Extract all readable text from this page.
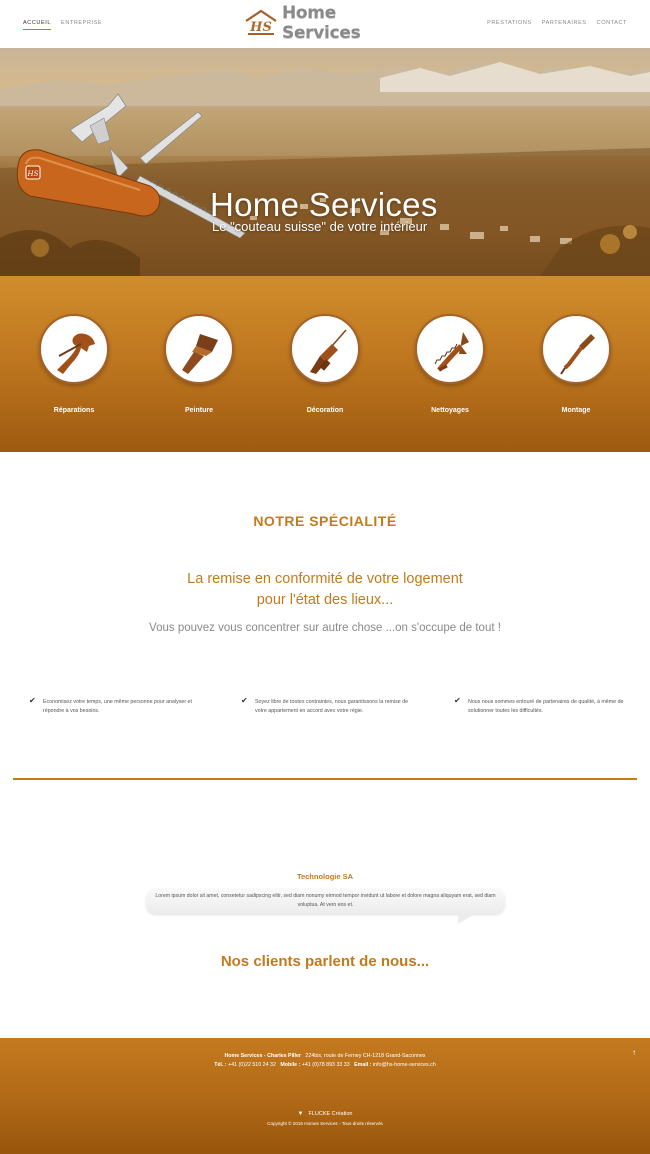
ACCUEIL ENTREPRISE	HS
Home Services	PRESTATIONS PARTENAIRES CONTACT
HS
Home Services
Le "couteau suisse" de votre intérieur
Réparations	Peinture	Décoration	Nettoyages	Montage
NOTRE SPÉCIALITÉ
La remise en conformité de votre logement
pour l'état des lieux...
Vous pouvez vous concentrer sur autre chose ...on s'occupe de tout !
✔ Economisez votre temps, une même personne pour analyser et répondre à vos besoins.

✔ Soyez libre de toutes contraintes, nous garantissons la remise de votre appartement en accord avec votre régie.

✔ Nous nous sommes entouré de partenaires de qualité, à même de solutionner toutes les difficultés.

Technologie SA

Lorem ipsum dolor sit amet, consetetur sadipscing elitr, sed diam nonumy eirmod tempor invidunt ut labore et dolore magna aliquyam erat, sed diam voluptua. At vero eos et.

Nos clients parlent de nous...
↑
Home Services - Charles Piller 224bis, route de Ferney CH-1218 Grand-Saconnex
Tél. : +41 (0)22 510 24 32 Mobile : +41 (0)78 893 33 33 Email : info@hs-home-services.ch
▼ FLUCKE Création
Copyright © 2016 Homes Services - Tous droits réservés
